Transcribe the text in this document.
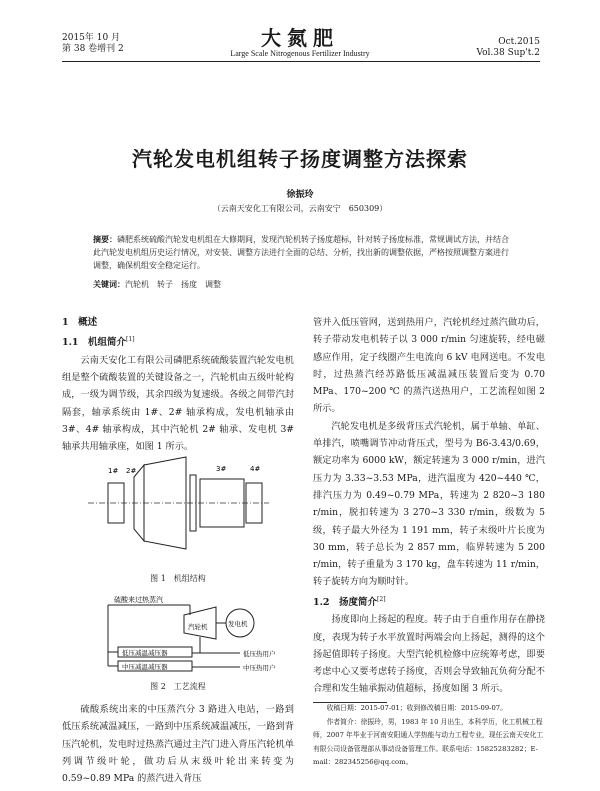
2015年 10 月
第 38 卷增刊 2	大氮肥
Large Scale Nitrogenous Fertilizer Industry
Oct.2015
Vol.38 Sup't.2
汽轮发电机组转子扬度调整方法探索
徐振玲
（云南天安化工有限公司，云南安宁　650309）
摘要：磷肥系统硫酸汽轮发电机组在大修期间，发现汽轮机转子扬度超标，针对转子扬度标准，常规调试方法，并结合此汽轮发电机组历史运行情况，对安装、调整方法进行全面的总结、分析，找出新的调整依据，严格按照调整方案进行调整，确保机组安全稳定运行。
关键词：汽轮机　转子　扬度　调整
1　概述
1.1　机组简介[1]

云南天安化工有限公司磷肥系统硫酸装置汽轮发电机组是整个硫酸装置的关键设备之一，汽轮机由五级叶轮构成，一级为调节级，其余四级为复速级。各级之间带汽封隔套，轴承系统由 1#、2# 轴承构成，发电机轴承由 3#、4# 轴承构成，其中汽轮机 2# 轴承、发电机 3# 轴承共用轴承座，如图 1 所示。

1# 2#	3#	4#
图 1　机组结构
硫酸来过热蒸汽
汽轮机	发电机
低压减温减压器
中压减温减压器
低压热用户
中压热用户
图 2　工艺流程

硫酸系统出来的中压蒸汽分 3 路进入电站，一路到低压系统减温减压，一路到中压系统减温减压，一路到背压汽轮机，发电时过热蒸汽通过主汽门进入背压汽轮机单列调节级叶轮，做功后从末级叶轮出来转变为 0.59~0.89 MPa 的蒸汽进入背压

管并入低压管网，送到热用户，汽轮机经过蒸汽做功后，转子带动发电机转子以 3 000 r/min 匀速旋转，经电磁感应作用，定子线圈产生电流向 6 kV 电网送电。不发电时，过热蒸汽经苏路低压减温减压装置后变为 0.70 MPa、170~200 ℃ 的蒸汽送热用户，工艺流程如图 2 所示。

汽轮发电机是多级背压式汽轮机，属于单轴、单缸、单排汽，喷嘴调节冲动背压式，型号为 B6-3.43/0.69，额定功率为 6000 kW，额定转速为 3 000 r/min，进汽压力为 3.33~3.53 MPa，进汽温度为 420~440 ℃，排汽压力为 0.49~0.79 MPa，转速为 2 820~3 180 r/min，脱扣转速为 3 270~3 330 r/min，级数为 5 级，转子最大外径为 1 191 mm，转子末级叶片长度为 30 mm，转子总长为 2 857 mm，临界转速为 5 200 r/min，转子重量为 3 170 kg，盘车转速为 11 r/min，转子旋转方向为顺时针。

1.2　扬度简介[2]

扬度即向上扬起的程度。转子由于自重作用存在静挠度，表现为转子水平放置时两端会向上扬起，测得的这个扬起值即转子扬度。大型汽轮机检修中应统筹考虑，即要考虑中心又要考虑转子扬度，否则会导致轴瓦负荷分配不合理和发生轴承振动值超标，扬度如图 3 所示。

收稿日期：2015-07-01；收到修改稿日期：2015-09-07。
作者简介：徐振玲，男，1983 年 10 月出生，本科学历，化工机械工程师，2007 年毕业于河南安阳通人学热能与动力工程专业，现任云南天安化工有限公司设备管理部从事动设备管理工作。联系电话：15825283282；E-mail：282345256@qq.com。
